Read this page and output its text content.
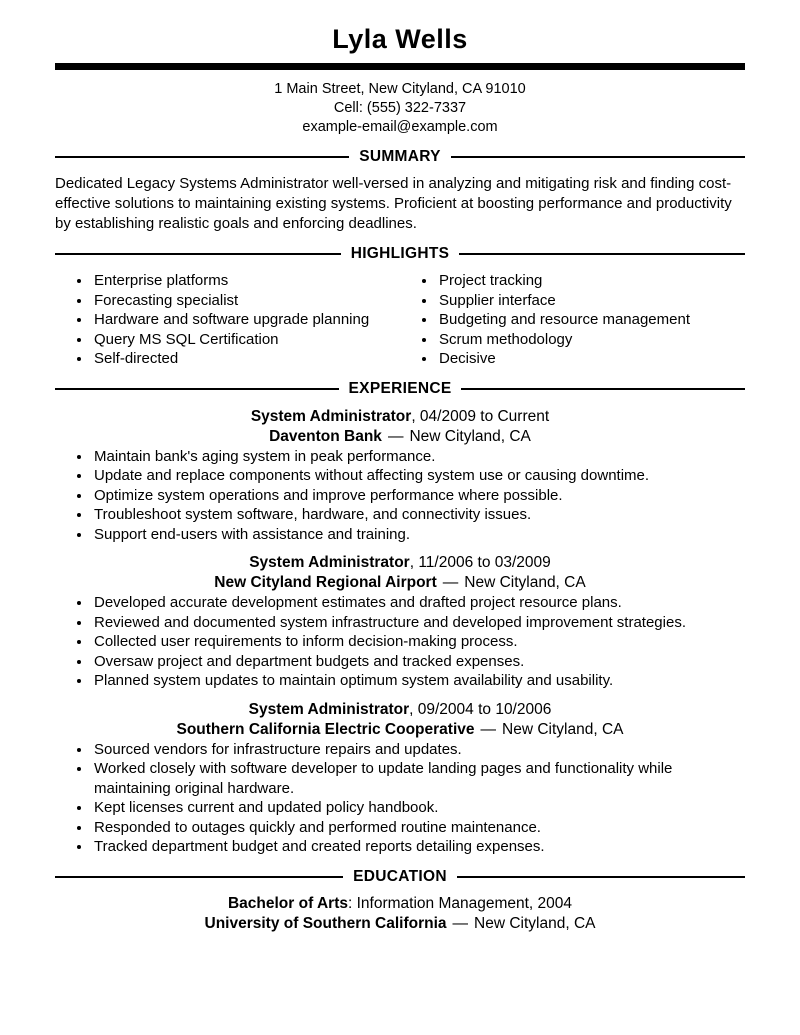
Lyla Wells
1 Main Street, New Cityland, CA 91010
Cell: (555) 322-7337
example-email@example.com
SUMMARY

Dedicated Legacy Systems Administrator well-versed in analyzing and mitigating risk and finding cost-effective solutions to maintaining existing systems. Proficient at boosting performance and productivity by establishing realistic goals and enforcing deadlines.

HIGHLIGHTS
• Enterprise platforms
• Forecasting specialist
• Hardware and software upgrade planning
• Query MS SQL Certification
• Self-directed
• Project tracking
• Supplier interface
• Budgeting and resource management
• Scrum methodology
• Decisive
EXPERIENCE
System Administrator, 04/2009 to Current
Daventon Bank — New Cityland, CA
• Maintain bank's aging system in peak performance.
• Update and replace components without affecting system use or causing downtime.
• Optimize system operations and improve performance where possible.
• Troubleshoot system software, hardware, and connectivity issues.
• Support end-users with assistance and training.
System Administrator, 11/2006 to 03/2009
New Cityland Regional Airport — New Cityland, CA
• Developed accurate development estimates and drafted project resource plans.
• Reviewed and documented system infrastructure and developed improvement strategies.
• Collected user requirements to inform decision-making process.
• Oversaw project and department budgets and tracked expenses.
• Planned system updates to maintain optimum system availability and usability.
System Administrator, 09/2004 to 10/2006
Southern California Electric Cooperative — New Cityland, CA
• Sourced vendors for infrastructure repairs and updates.
• Worked closely with software developer to update landing pages and functionality while maintaining original hardware.
• Kept licenses current and updated policy handbook.
• Responded to outages quickly and performed routine maintenance.
• Tracked department budget and created reports detailing expenses.
EDUCATION
Bachelor of Arts: Information Management, 2004
University of Southern California — New Cityland, CA
